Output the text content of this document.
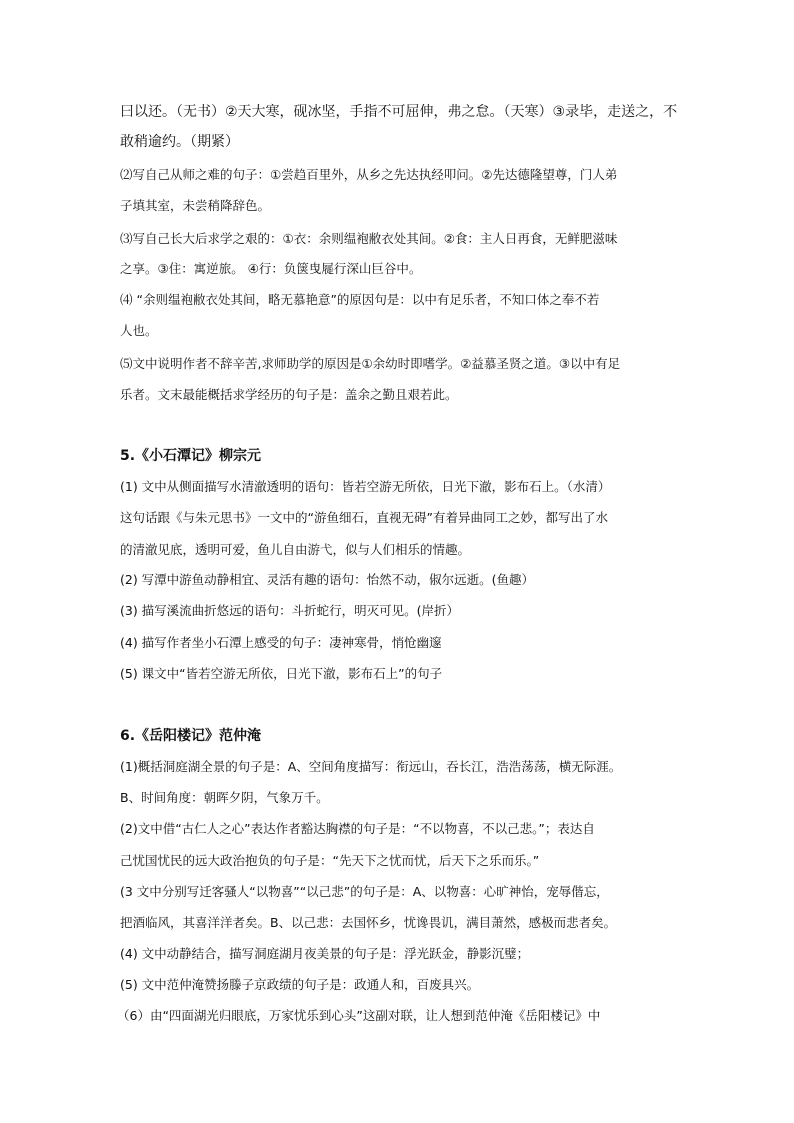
曰以还。（无书）②天大寒，砚冰坚，手指不可屈伸，弗之怠。（天寒）③录毕，走送之，不
敢稍逾约。（期紧）
⑵写自己从师之难的句子：①尝趋百里外，从乡之先达执经叩问。②先达德隆望尊，门人弟
子填其室，未尝稍降辞色。
⑶写自己长大后求学之艰的：①衣：余则缊袍敝衣处其间。②食：主人日再食，无鲜肥滋味
之享。③住：寓逆旅。 ④行：负箧曳屣行深山巨谷中。
⑷ “余则缊袍敝衣处其间，略无慕艳意”的原因句是：以中有足乐者，不知口体之奉不若
人也。
⑸文中说明作者不辞辛苦,求师助学的原因是①余幼时即嗜学。②益慕圣贤之道。③以中有足
乐者。文末最能概括求学经历的句子是：盖余之勤且艰若此。
5.《小石潭记》柳宗元
(1) 文中从侧面描写水清澈透明的语句：皆若空游无所依，日光下澈，影布石上。（水清）
这句话跟《与朱元思书》一文中的“游鱼细石，直视无碍”有着异曲同工之妙，都写出了水
的清澈见底，透明可爱，鱼儿自由游弋，似与人们相乐的情趣。
(2) 写潭中游鱼动静相宜、灵活有趣的语句：怡然不动，俶尔远逝。(鱼趣）
(3) 描写溪流曲折悠远的语句：斗折蛇行，明灭可见。(岸折）
(4) 描写作者坐小石潭上感受的句子：凄神寒骨，悄怆幽邃
(5) 课文中“皆若空游无所依，日光下澈，影布石上”的句子
6.《岳阳楼记》范仲淹
(1)概括洞庭湖全景的句子是：A、空间角度描写：衔远山，吞长江，浩浩荡荡，横无际涯。
B、时间角度：朝晖夕阴，气象万千。
(2)文中借“古仁人之心”表达作者豁达胸襟的句子是：“不以物喜，不以己悲。”；表达自
己忧国忧民的远大政治抱负的句子是：“先天下之忧而忧，后天下之乐而乐。”
(3 文中分别写迁客骚人“以物喜”“以己悲”的句子是：A、以物喜：心旷神怡，宠辱偕忘，
把酒临风，其喜洋洋者矣。B、以己悲：去国怀乡，忧谗畏讥，满目萧然，感极而悲者矣。
(4) 文中动静结合，描写洞庭湖月夜美景的句子是：浮光跃金，静影沉璧；
(5) 文中范仲淹赞扬滕子京政绩的句子是：政通人和，百废具兴。
（6）由“四面湖光归眼底，万家忧乐到心头”这副对联，让人想到范仲淹《岳阳楼记》中
